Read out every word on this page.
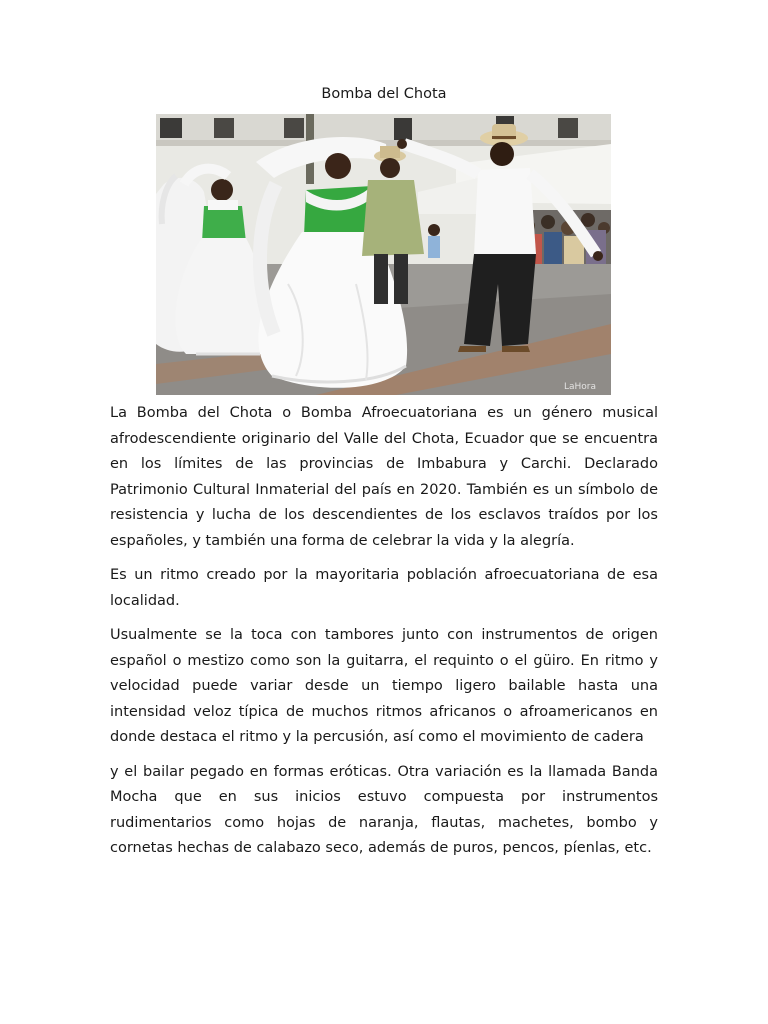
Bomba del Chota
LaHora

La Bomba del Chota o Bomba Afroecuatoriana es un género musical afrodescendiente originario del Valle del Chota, Ecuador que se encuentra en los límites de las provincias de Imbabura y Carchi. Declarado Patrimonio Cultural Inmaterial del país en 2020. También es un símbolo de resistencia y lucha de los descendientes de los esclavos traídos por los españoles, y también una forma de celebrar la vida y la alegría.

Es un ritmo creado por la mayoritaria población afroecuatoriana de esa localidad.

Usualmente se la toca con tambores junto con instrumentos de origen español o mestizo como son la guitarra, el requinto o el güiro. En ritmo y velocidad puede variar desde un tiempo ligero bailable hasta una intensidad veloz típica de muchos ritmos africanos o afroamericanos en donde destaca el ritmo y la percusión, así como el movimiento de cadera

y el bailar pegado en formas eróticas. Otra variación es la llamada Banda Mocha que en sus inicios estuvo compuesta por instrumentos rudimentarios como hojas de naranja, flautas, machetes, bombo y cornetas hechas de calabazo seco, además de puros, pencos, píenlas, etc.
